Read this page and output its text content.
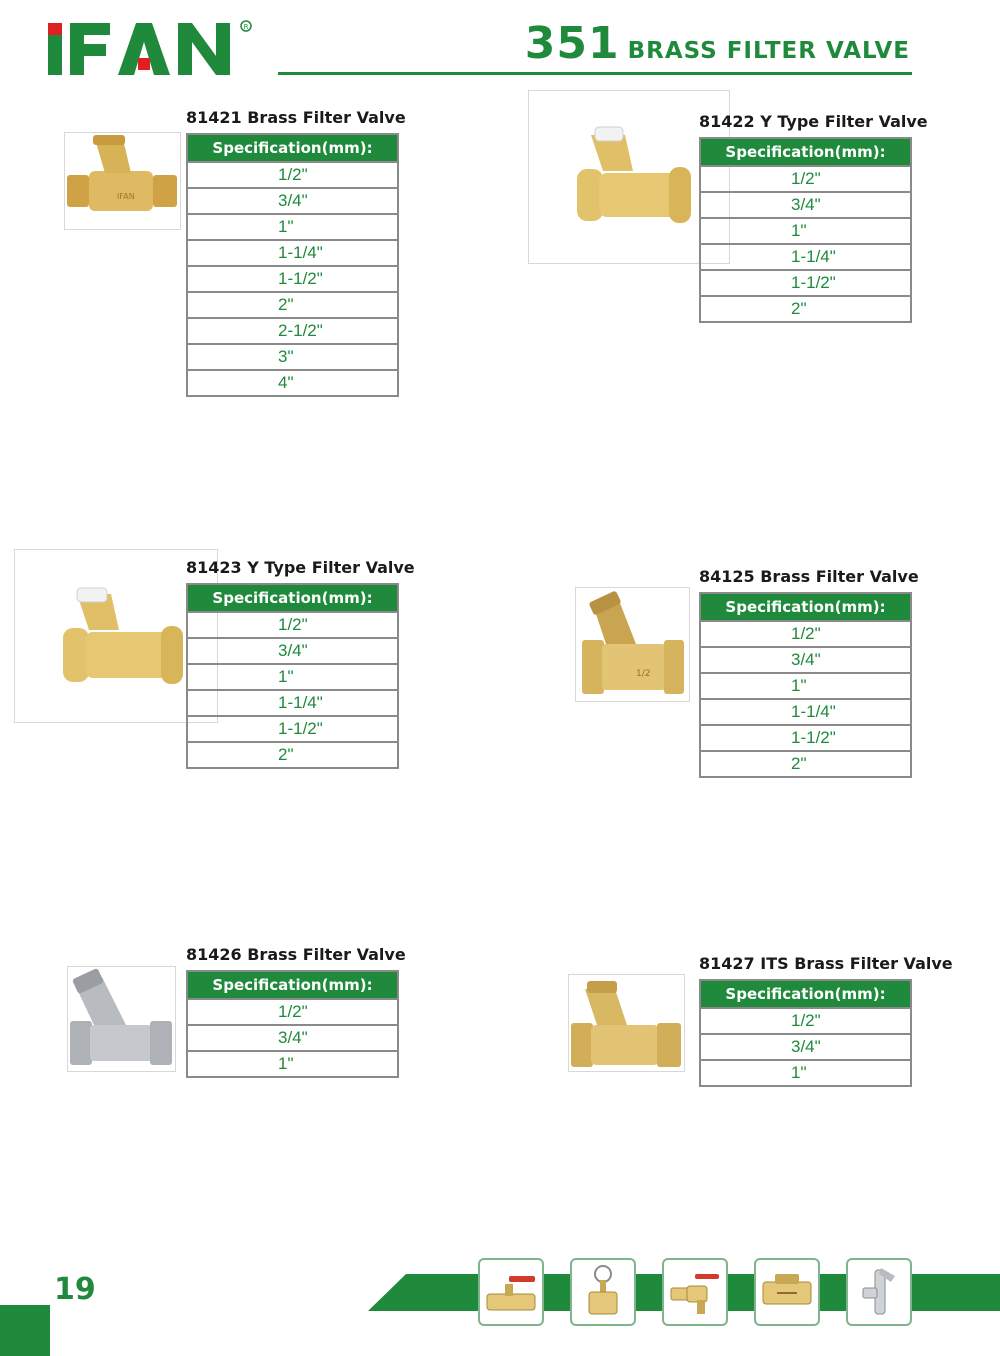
R	351 BRASS FILTER VALVE
IFAN
81421 Brass Filter Valve
Specification(mm):
1/2"
3/4"
1"
1-1/4"
1-1/2"
2"
2-1/2"
3"
4"
81422 Y Type Filter Valve
Specification(mm):
1/2"
3/4"
1"
1-1/4"
1-1/2"
2"
81423 Y Type Filter Valve
Specification(mm):
1/2"
3/4"
1"
1-1/4"
1-1/2"
2"
1/2
84125 Brass Filter Valve
Specification(mm):
1/2"
3/4"
1"
1-1/4"
1-1/2"
2"
81426 Brass Filter Valve
Specification(mm):
1/2"
3/4"
1"
81427 ITS Brass Filter Valve
Specification(mm):
1/2"
3/4"
1"
19
